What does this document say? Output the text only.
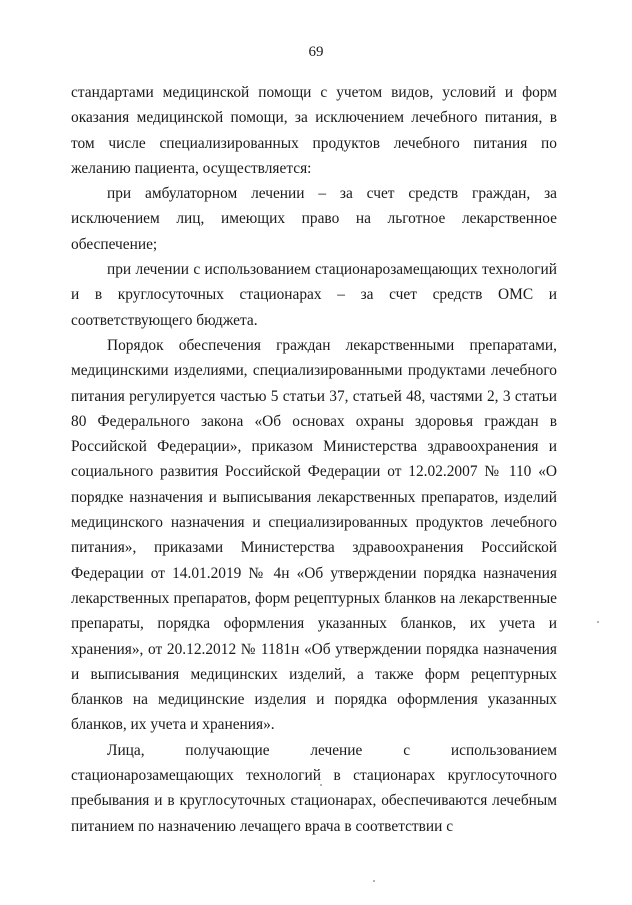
69

стандартами медицинской помощи с учетом видов, условий и форм оказания медицинской помощи, за исключением лечебного питания, в том числе специализированных продуктов лечебного питания по желанию пациента, осуществляется:

при амбулаторном лечении – за счет средств граждан, за исключением лиц, имеющих право на льготное лекарственное обеспечение;

при лечении с использованием стационарозамещающих технологий и в круглосуточных стационарах – за счет средств ОМС и соответствующего бюджета.

Порядок обеспечения граждан лекарственными препаратами, медицинскими изделиями, специализированными продуктами лечебного питания регулируется частью 5 статьи 37, статьей 48, частями 2, 3 статьи 80 Федерального закона «Об основах охраны здоровья граждан в Российской Федерации», приказом Министерства здравоохранения и социального развития Российской Федерации от 12.02.2007 № 110 «О порядке назначения и выписывания лекарственных препаратов, изделий медицинского назначения и специализированных продуктов лечебного питания», приказами Министерства здравоохранения Российской Федерации от 14.01.2019 № 4н «Об утверждении порядка назначения лекарственных препаратов, форм рецептурных бланков на лекарственные препараты, порядка оформления указанных бланков, их учета и хранения», от 20.12.2012 № 1181н «Об утверждении порядка назначения и выписывания медицинских изделий, а также форм рецептурных бланков на медицинские изделия и порядка оформления указанных бланков, их учета и хранения».

Лица, получающие лечение с использованием стационарозамещающих технологий в стационарах круглосуточного пребывания и в круглосуточных стационарах, обеспечиваются лечебным питанием по назначению лечащего врача в соответствии с
